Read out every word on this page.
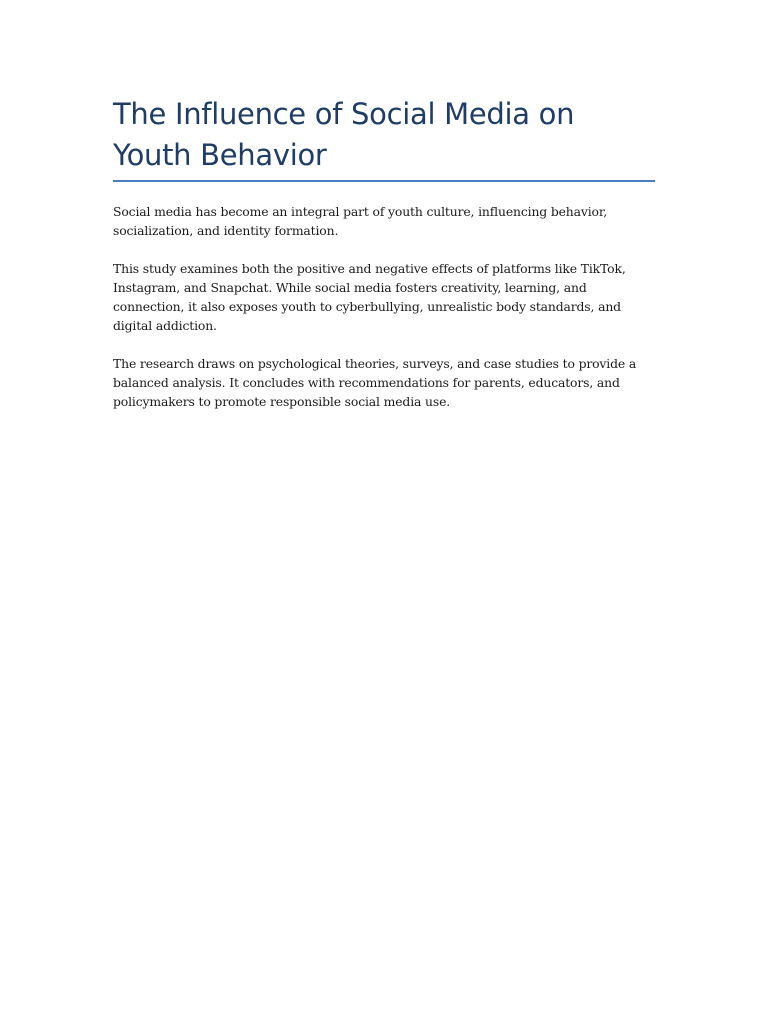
The Influence of Social Media on Youth Behavior

Social media has become an integral part of youth culture, influencing behavior, socialization, and identity formation.

This study examines both the positive and negative effects of platforms like TikTok, Instagram, and Snapchat. While social media fosters creativity, learning, and connection, it also exposes youth to cyberbullying, unrealistic body standards, and digital addiction.

The research draws on psychological theories, surveys, and case studies to provide a balanced analysis. It concludes with recommendations for parents, educators, and policymakers to promote responsible social media use.
